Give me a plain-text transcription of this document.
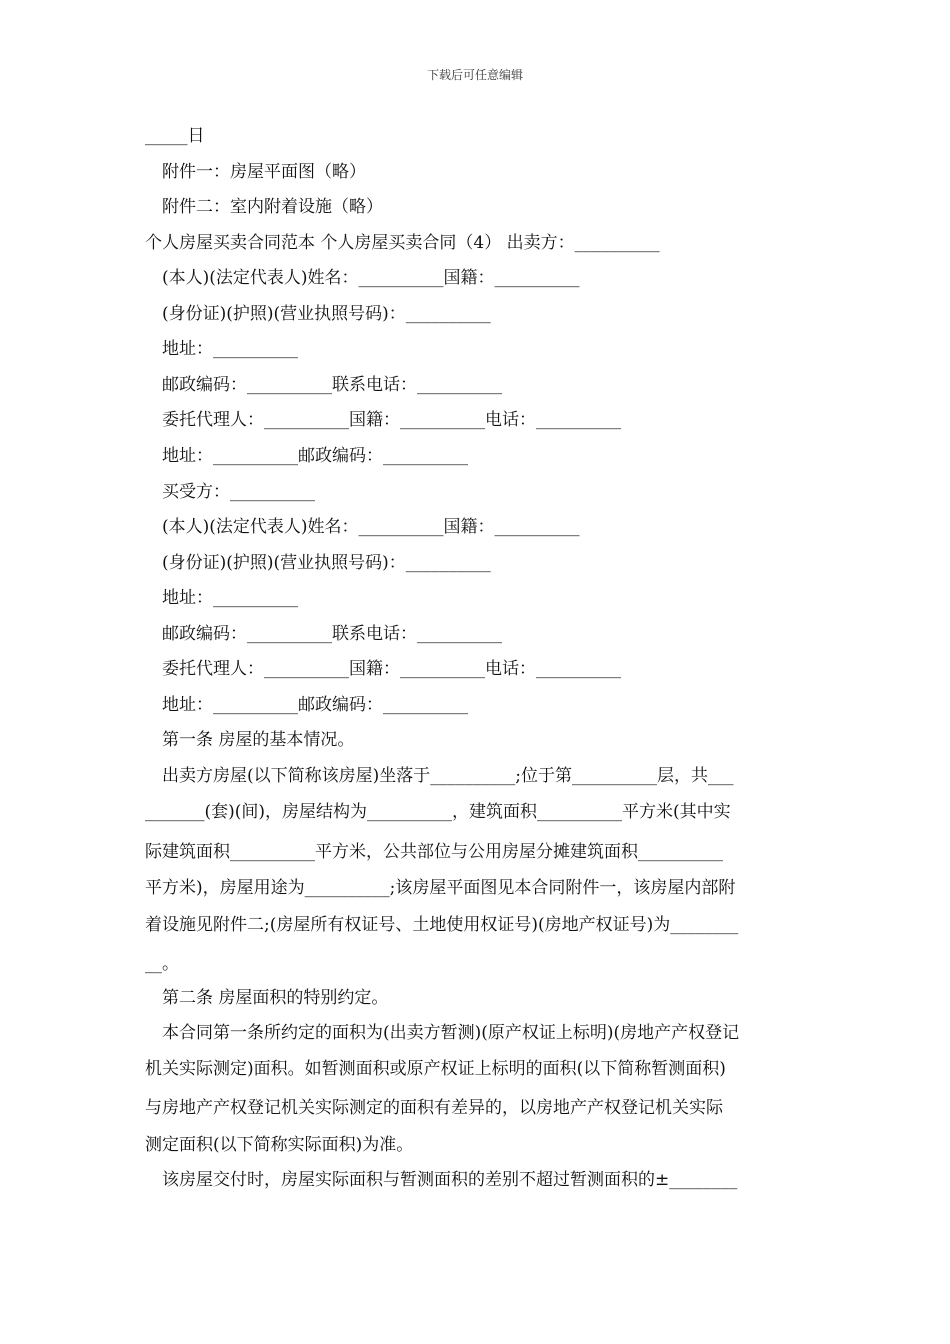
下载后可任意编辑
_____日
附件一：房屋平面图（略）
附件二：室内附着设施（略）
个人房屋买卖合同范本 个人房屋买卖合同（4） 出卖方：__________
(本人)(法定代表人)姓名：__________国籍：__________
(身份证)(护照)(营业执照号码)：__________
地址：__________
邮政编码：__________联系电话：__________
委托代理人：__________国籍：__________电话：__________
地址：__________邮政编码：__________
买受方：__________
(本人)(法定代表人)姓名：__________国籍：__________
(身份证)(护照)(营业执照号码)：__________
地址：__________
邮政编码：__________联系电话：__________
委托代理人：__________国籍：__________电话：__________
地址：__________邮政编码：__________
第一条 房屋的基本情况。
出卖方房屋(以下简称该房屋)坐落于__________;位于第__________层，共___
_______(套)(间)，房屋结构为__________，建筑面积__________平方米(其中实
际建筑面积__________平方米，公共部位与公用房屋分摊建筑面积__________
平方米)，房屋用途为__________;该房屋平面图见本合同附件一，该房屋内部附
着设施见附件二;(房屋所有权证号、土地使用权证号)(房地产权证号)为________
__。
第二条 房屋面积的特别约定。
本合同第一条所约定的面积为(出卖方暂测)(原产权证上标明)(房地产产权登记
机关实际测定)面积。如暂测面积或原产权证上标明的面积(以下简称暂测面积)
与房地产产权登记机关实际测定的面积有差异的，以房地产产权登记机关实际
测定面积(以下简称实际面积)为准。
该房屋交付时，房屋实际面积与暂测面积的差别不超过暂测面积的±________
